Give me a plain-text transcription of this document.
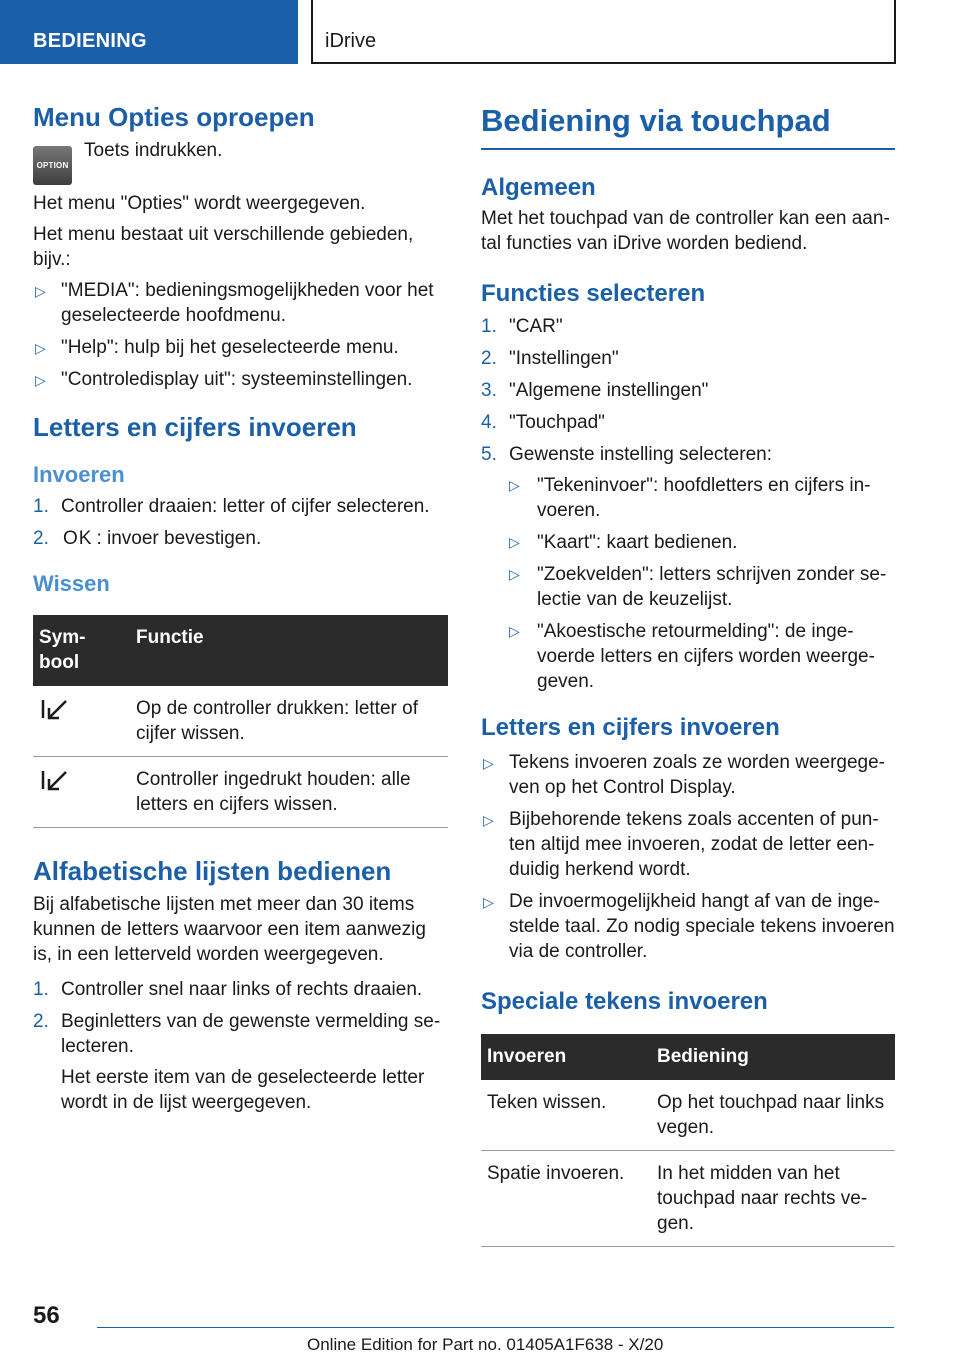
BEDIENING	iDrive
Menu Opties oproepen
OPTION

Toets indrukken.

Het menu "Opties" wordt weergegeven.

Het menu bestaat uit verschillende gebieden, bijv.:

▷ "MEDIA": bedieningsmogelijkheden voor het geselecteerde hoofdmenu.
▷ "Help": hulp bij het geselecteerde menu.
▷ "Controledisplay uit": systeeminstellingen.
Letters en cijfers invoeren
Invoeren
1. Controller draaien: letter of cijfer selecteren.
2. OK : invoer bevestigen.
Wissen
Sym-bool	Functie
	Op de controller drukken: letter of cijfer wissen.
	Controller ingedrukt houden: alle letters en cijfers wissen.
Alfabetische lijsten bedienen

Bij alfabetische lijsten met meer dan 30 items kunnen de letters waarvoor een item aanwezig is, in een letterveld worden weergegeven.

1. Controller snel naar links of rechts draaien.
2. Beginletters van de gewenste vermelding se-lecteren.
Het eerste item van de geselecteerde letter wordt in de lijst weergegeven.
Bediening via touchpad
Algemeen

Met het touchpad van de controller kan een aan-tal functies van iDrive worden bediend.

Functies selecteren
1. "CAR"
2. "Instellingen"
3. "Algemene instellingen"
4. "Touchpad"
5. Gewenste instelling selecteren:
▷ "Tekeninvoer": hoofdletters en cijfers in-voeren.
▷ "Kaart": kaart bedienen.
▷ "Zoekvelden": letters schrijven zonder se-lectie van de keuzelijst.
▷ "Akoestische retourmelding": de inge-voerde letters en cijfers worden weerge-geven.
Letters en cijfers invoeren
▷ Tekens invoeren zoals ze worden weergege-ven op het Control Display.
▷ Bijbehorende tekens zoals accenten of pun-ten altijd mee invoeren, zodat de letter een-duidig herkend wordt.
▷ De invoermogelijkheid hangt af van de inge-stelde taal. Zo nodig speciale tekens invoeren via de controller.
Speciale tekens invoeren
Invoeren	Bediening
Teken wissen.	Op het touchpad naar links vegen.
Spatie invoeren.	In het midden van het touchpad naar rechts ve-gen.
56
Online Edition for Part no. 01405A1F638 - X/20
